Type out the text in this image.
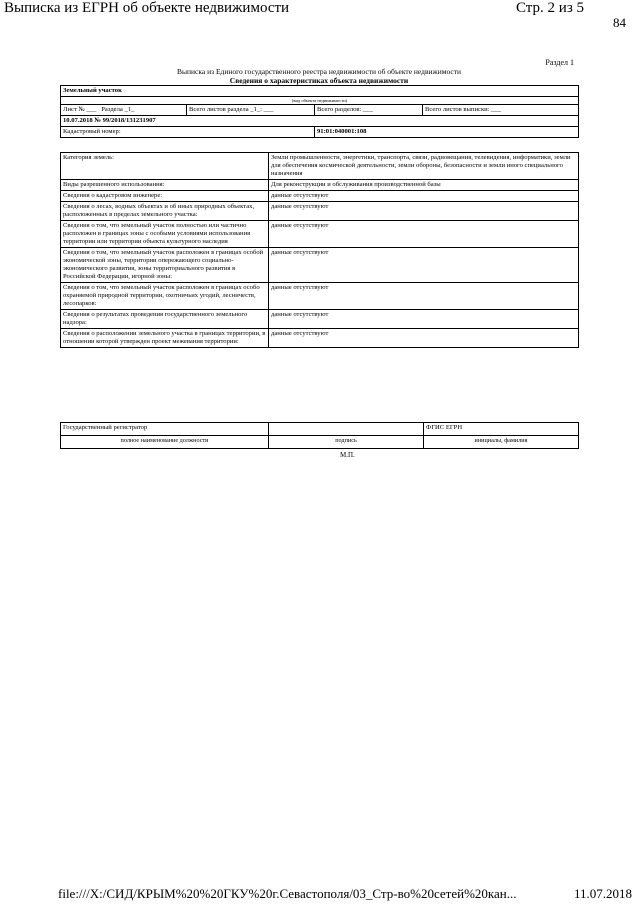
Выписка из ЕГРН об объекте недвижимости	Стр. 2 из 5
84
Раздел 1
Выписка из Единого государственного реестра недвижимости об объекте недвижимости
Сведения о характеристиках объекта недвижимости
Земельный участок			
(вид объекта недвижимости)			
Лист № ___ Раздела _1_	Всего листов раздела _1_: ___	Всего разделов: ___	Всего листов выписки: ___
10.07.2018 № 99/2018/131231907			
Кадастровый номер:		91:01:040001:108	
Категория земель:	Земли промышленности, энергетики, транспорта, связи, радиовещания, телевидения, информатики, земли для обеспечения космической деятельности, земли обороны, безопасности и земли иного специального назначения
Виды разрешенного использования:	Для реконструкции и обслуживания производственной базы
Сведения о кадастровом инженере:	данные отсутствуют
Сведения о лесах, водных объектах и об иных природных объектах, расположенных в пределах земельного участка:	данные отсутствуют
Сведения о том, что земельный участок полностью или частично расположен в границах зоны с особыми условиями использования территории или территории объекта культурного наследия	данные отсутствуют
Сведения о том, что земельный участок расположен в границах особой экономической зоны, территории опережающего социально-экономического развития, зоны территориального развития в Российской Федерации, игорной зоны:	данные отсутствуют
Сведения о том, что земельный участок расположен в границах особо охраняемой природной территории, охотничьих угодий, лесничеств, лесопарков:	данные отсутствуют
Сведения о результатах проведения государственного земельного надзора:	данные отсутствуют
Сведения о расположении земельного участка в границах территории, в отношении которой утвержден проект межевания территории:	данные отсутствуют
Государственный регистратор		ФГИС ЕГРН
полное наименование должности	подпись	инициалы, фамилия
М.П.
file:///X:/СИД/КРЫМ%20%20ГКУ%20г.Севастополя/03_Стр-во%20сетей%20кан...	11.07.2018
